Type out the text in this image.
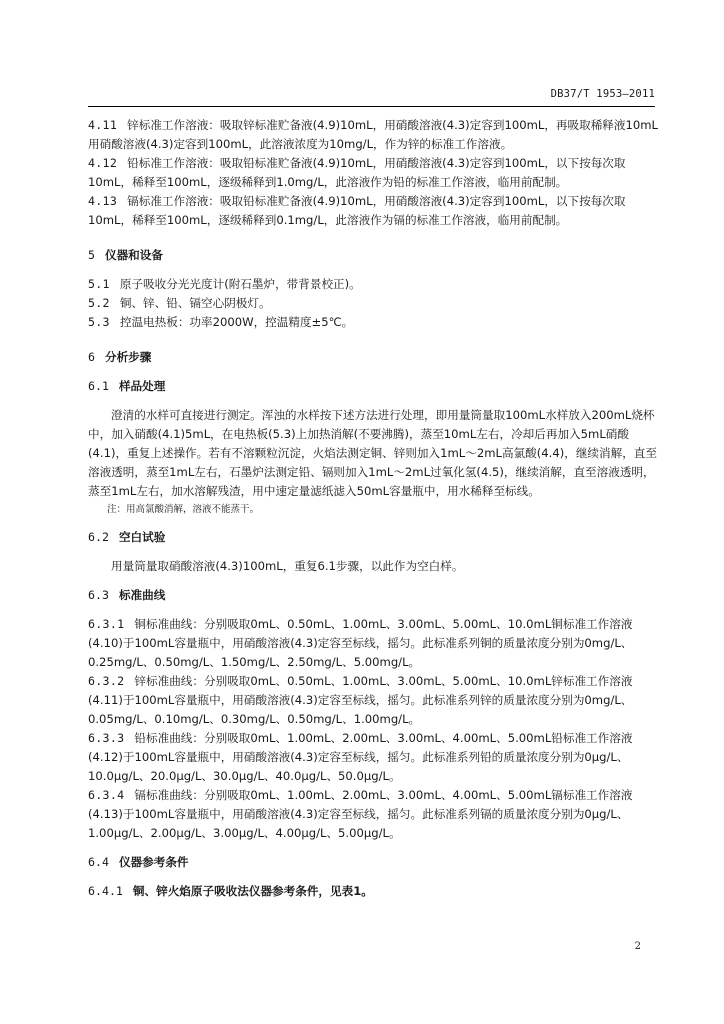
DB37/T 1953—2011

4.11 锌标准工作溶液：吸取锌标准贮备液(4.9)10mL，用硝酸溶液(4.3)定容到100mL，再吸取稀释液10mL用硝酸溶液(4.3)定容到100mL，此溶液浓度为10mg/L，作为锌的标准工作溶液。

4.12 铅标准工作溶液：吸取铅标准贮备液(4.9)10mL，用硝酸溶液(4.3)定容到100mL，以下按每次取10mL，稀释至100mL，逐级稀释到1.0mg/L，此溶液作为铅的标准工作溶液，临用前配制。

4.13 镉标准工作溶液：吸取铅标准贮备液(4.9)10mL，用硝酸溶液(4.3)定容到100mL，以下按每次取10mL，稀释至100mL，逐级稀释到0.1mg/L，此溶液作为镉的标准工作溶液，临用前配制。

5 仪器和设备

5.1 原子吸收分光光度计(附石墨炉，带背景校正)。

5.2 铜、锌、铅、镉空心阴极灯。

5.3 控温电热板：功率2000W，控温精度±5℃。

6 分析步骤

6.1 样品处理

澄清的水样可直接进行测定。浑浊的水样按下述方法进行处理，即用量筒量取100mL水样放入200mL烧杯中，加入硝酸(4.1)5mL，在电热板(5.3)上加热消解(不要沸腾)，蒸至10mL左右，冷却后再加入5mL硝酸(4.1)，重复上述操作。若有不溶颗粒沉淀，火焰法测定铜、锌则加入1mL～2mL高氯酸(4.4)，继续消解，直至溶液透明，蒸至1mL左右，石墨炉法测定铅、镉则加入1mL～2mL过氧化氢(4.5)，继续消解，直至溶液透明，蒸至1mL左右，加水溶解残渣，用中速定量滤纸滤入50mL容量瓶中，用水稀释至标线。

注：用高氯酸消解，溶液不能蒸干。

6.2 空白试验

用量筒量取硝酸溶液(4.3)100mL，重复6.1步骤，以此作为空白样。

6.3 标准曲线

6.3.1 铜标准曲线：分别吸取0mL、0.50mL、1.00mL、3.00mL、5.00mL、10.0mL铜标准工作溶液(4.10)于100mL容量瓶中，用硝酸溶液(4.3)定容至标线，摇匀。此标准系列铜的质量浓度分别为0mg/L、0.25mg/L、0.50mg/L、1.50mg/L、2.50mg/L、5.00mg/L。

6.3.2 锌标准曲线：分别吸取0mL、0.50mL、1.00mL、3.00mL、5.00mL、10.0mL锌标准工作溶液(4.11)于100mL容量瓶中，用硝酸溶液(4.3)定容至标线，摇匀。此标准系列锌的质量浓度分别为0mg/L、0.05mg/L、0.10mg/L、0.30mg/L、0.50mg/L、1.00mg/L。

6.3.3 铅标准曲线：分别吸取0mL、1.00mL、2.00mL、3.00mL、4.00mL、5.00mL铅标准工作溶液(4.12)于100mL容量瓶中，用硝酸溶液(4.3)定容至标线，摇匀。此标准系列铅的质量浓度分别为0μg/L、10.0μg/L、20.0μg/L、30.0μg/L、40.0μg/L、50.0μg/L。

6.3.4 镉标准曲线：分别吸取0mL、1.00mL、2.00mL、3.00mL、4.00mL、5.00mL镉标准工作溶液(4.13)于100mL容量瓶中，用硝酸溶液(4.3)定容至标线，摇匀。此标准系列镉的质量浓度分别为0μg/L、1.00μg/L、2.00μg/L、3.00μg/L、4.00μg/L、5.00μg/L。

6.4 仪器参考条件

6.4.1 铜、锌火焰原子吸收法仪器参考条件，见表1。

2
